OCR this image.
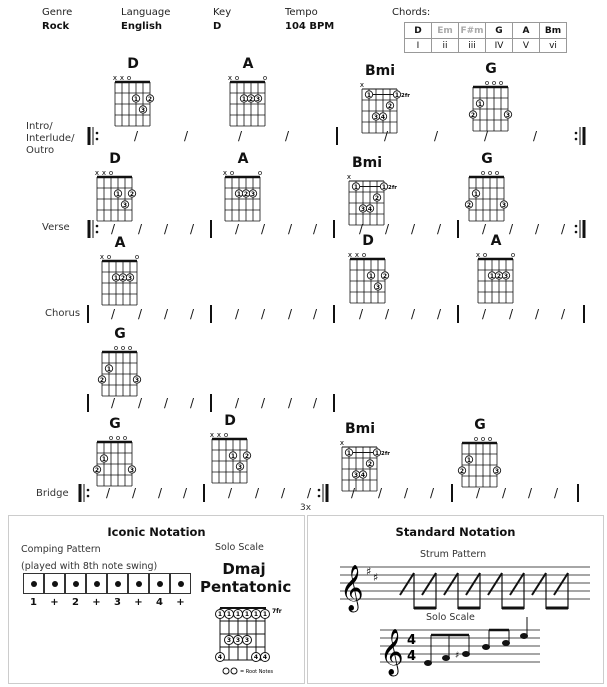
Genre
Rock
Language
English
Key
D
Tempo
104 BPM
Chords:
D	Em	F#m	G	A	Bm
I	ii	iii	IV	V	vi
Intro/
Interlude/
Outro
Verse
Chorus
Bridge
D
x x o
1 2
3
A
x o	o
1 2 3
Bmi
x
1	1
2
3 4
2fr
G
o o o
1
2	3
/	/	/	/	/	/	/	/
D
x x o
1 2
3
A
x o	o
1 2 3
Bmi
x
1	1
2
3 4
2fr
G
o o o
1
2	3
/ / / /	/ / / /	/ / / /	/ / / /
A
x o	o
1 2 3
D
x x o
1 2
3
A
x o	o
1 2 3
/ / / /	/ / / /	/ / / /	/ / / /
G
o o o
1
2	3
/ / / /	/ / / /
G
o o o
1
2	3
D
x x o
1 2
3
Bmi
x
1	1
2
3 4
2fr
G
o o o
1
2	3
/ / / /	/ / / /	/ / / /	/ / / /
3x
Iconic Notation
Comping Pattern
(played with 8th note swing)
1	+	2	+	3	+	4	+
Solo Scale
Dmaj
Pentatonic
7fr
1 1 1 1 1 1
3 3 3
4	4 4
= Root Notes
Standard Notation
Strum Pattern
Solo Scale
𝄞 ♯ ♯
𝄞 4
4	♯
